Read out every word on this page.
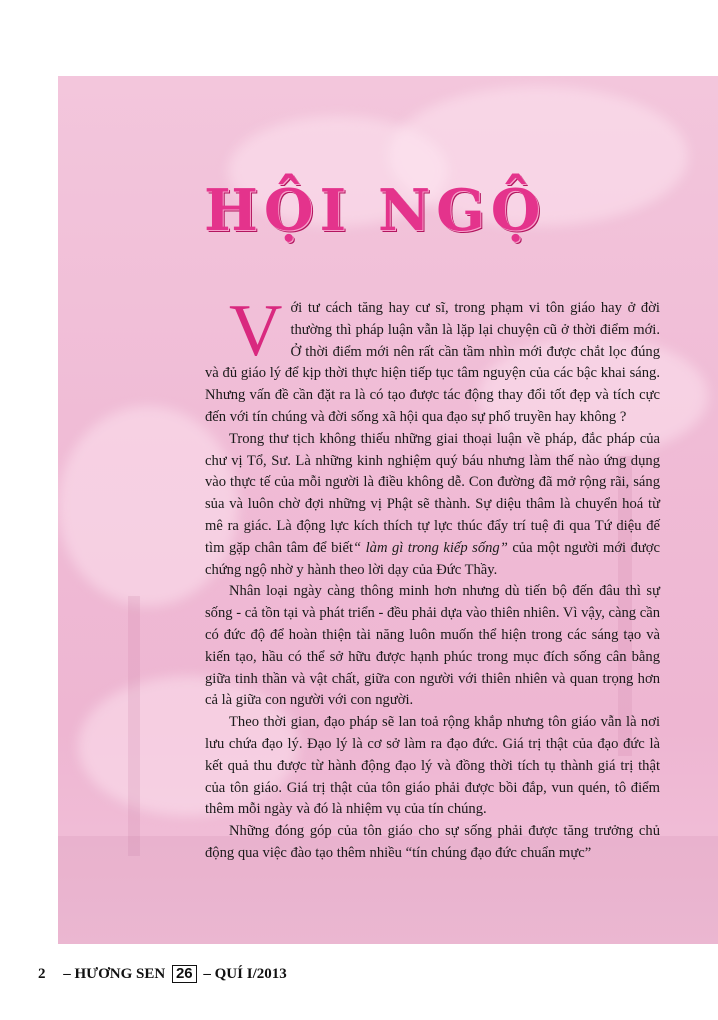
HỘI NGỘ

Với tư cách tăng hay cư sĩ, trong phạm vi tôn giáo hay ở đời thường thì pháp luận vẫn là lặp lại chuyện cũ ở thời điểm mới. Ở thời điểm mới nên rất cần tầm nhìn mới được chắt lọc đúng và đủ giáo lý để kịp thời thực hiện tiếp tục tâm nguyện của các bậc khai sáng. Nhưng vấn đề cần đặt ra là có tạo được tác động thay đổi tốt đẹp và tích cực đến với tín chúng và đời sống xã hội qua đạo sự phổ truyền hay không ?

Trong thư tịch không thiếu những giai thoại luận về pháp, đắc pháp của chư vị Tổ, Sư. Là những kinh nghiệm quý báu nhưng làm thế nào ứng dụng vào thực tế của mỗi người là điều không dễ. Con đường đã mở rộng rãi, sáng sủa và luôn chờ đợi những vị Phật sẽ thành. Sự diệu thâm là chuyển hoá từ mê ra giác. Là động lực kích thích tự lực thúc đẩy trí tuệ đi qua Tứ diệu đế tìm gặp chân tâm để biết“ làm gì trong kiếp sống” của một người mới được chứng ngộ nhờ y hành theo lời dạy của Đức Thầy.

Nhân loại ngày càng thông minh hơn nhưng dù tiến bộ đến đâu thì sự sống - cả tồn tại và phát triển - đều phải dựa vào thiên nhiên. Vì vậy, càng cần có đức độ để hoàn thiện tài năng luôn muốn thể hiện trong các sáng tạo và kiến tạo, hầu có thể sở hữu được hạnh phúc trong mục đích sống cân bằng giữa tinh thần và vật chất, giữa con người với thiên nhiên và quan trọng hơn cả là giữa con người với con người.

Theo thời gian, đạo pháp sẽ lan toả rộng khắp nhưng tôn giáo vẫn là nơi lưu chứa đạo lý. Đạo lý là cơ sở làm ra đạo đức. Giá trị thật của đạo đức là kết quả thu được từ hành động đạo lý và đồng thời tích tụ thành giá trị thật của tôn giáo. Giá trị thật của tôn giáo phải được bồi đắp, vun quén, tô điểm thêm mỗi ngày và đó là nhiệm vụ của tín chúng.

Những đóng góp của tôn giáo cho sự sống phải được tăng trưởng chủ động qua việc đào tạo thêm nhiều “tín chúng đạo đức chuẩn mực”

2 – HƯƠNG SEN 26 – QUÍ I/2013
